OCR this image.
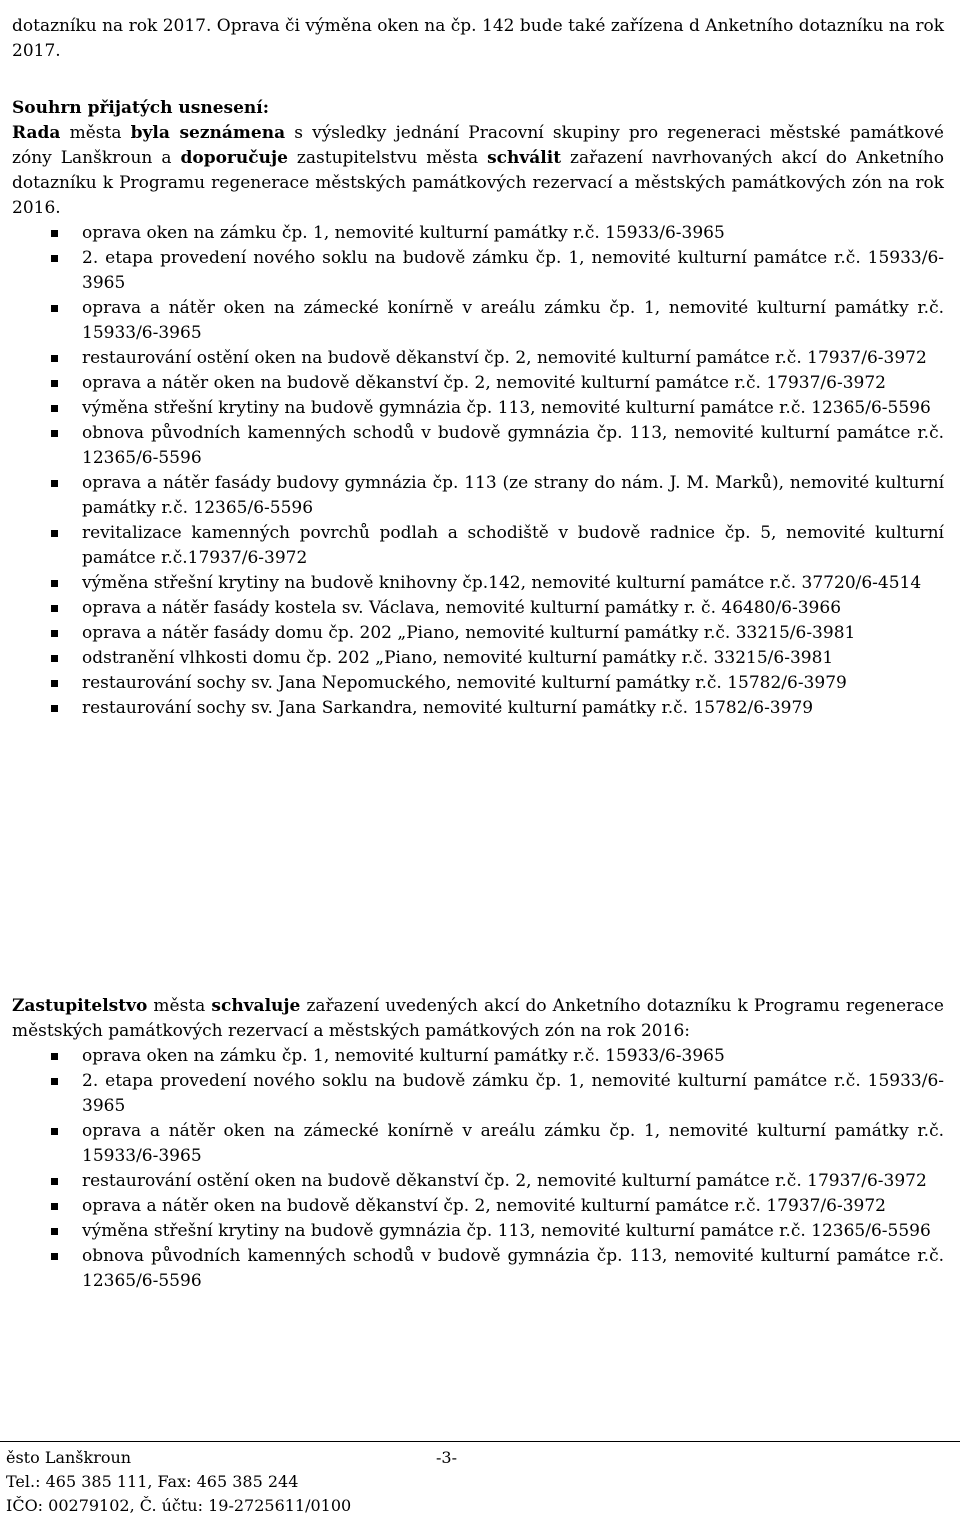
dotazníku na rok 2017. Oprava či výměna oken na čp. 142 bude také zařízena d Anketního dotazníku na rok 2017.

Souhrn přijatých usnesení:

Rada města byla seznámena s výsledky jednání Pracovní skupiny pro regeneraci městské památkové zóny Lanškroun a doporučuje zastupitelstvu města schválit zařazení navrhovaných akcí do Anketního dotazníku k Programu regenerace městských památkových rezervací a městských památkových zón na rok 2016.

oprava oken na zámku čp. 1, nemovité kulturní památky r.č. 15933/6-3965
2. etapa provedení nového soklu na budově zámku čp. 1, nemovité kulturní památce r.č. 15933/6-3965
oprava a nátěr oken na zámecké konírně v areálu zámku čp. 1, nemovité kulturní památky r.č. 15933/6-3965
restaurování ostění oken na budově děkanství čp. 2, nemovité kulturní památce r.č. 17937/6-3972
oprava a nátěr oken na budově děkanství čp. 2, nemovité kulturní památce r.č. 17937/6-3972
výměna střešní krytiny na budově gymnázia čp. 113, nemovité kulturní památce r.č. 12365/6-5596
obnova původních kamenných schodů v budově gymnázia čp. 113, nemovité kulturní památce r.č. 12365/6-5596
oprava a nátěr fasády budovy gymnázia čp. 113 (ze strany do nám. J. M. Marků), nemovité kulturní památky r.č. 12365/6-5596
revitalizace kamenných povrchů podlah a schodiště v budově radnice čp. 5, nemovité kulturní památce r.č.17937/6-3972
výměna střešní krytiny na budově knihovny čp.142, nemovité kulturní památce r.č. 37720/6-4514
oprava a nátěr fasády kostela sv. Václava, nemovité kulturní památky r. č. 46480/6-3966
oprava a nátěr fasády domu čp. 202 „Piano, nemovité kulturní památky r.č. 33215/6-3981
odstranění vlhkosti domu čp. 202 „Piano, nemovité kulturní památky r.č. 33215/6-3981
restaurování sochy sv. Jana Nepomuckého, nemovité kulturní památky r.č. 15782/6-3979
restaurování sochy sv. Jana Sarkandra, nemovité kulturní památky r.č. 15782/6-3979

Zastupitelstvo města schvaluje zařazení uvedených akcí do Anketního dotazníku k Programu regenerace městských památkových rezervací a městských památkových zón na rok 2016:

oprava oken na zámku čp. 1, nemovité kulturní památky r.č. 15933/6-3965
2. etapa provedení nového soklu na budově zámku čp. 1, nemovité kulturní památce r.č. 15933/6-3965
oprava a nátěr oken na zámecké konírně v areálu zámku čp. 1, nemovité kulturní památky r.č. 15933/6-3965
restaurování ostění oken na budově děkanství čp. 2, nemovité kulturní památce r.č. 17937/6-3972
oprava a nátěr oken na budově děkanství čp. 2, nemovité kulturní památce r.č. 17937/6-3972
výměna střešní krytiny na budově gymnázia čp. 113, nemovité kulturní památce r.č. 12365/6-5596
obnova původních kamenných schodů v budově gymnázia čp. 113, nemovité kulturní památce r.č. 12365/6-5596
ěsto Lanškroun	-3-
Tel.: 465 385 111, Fax: 465 385 244
IČO: 00279102, Č. účtu: 19-2725611/0100
